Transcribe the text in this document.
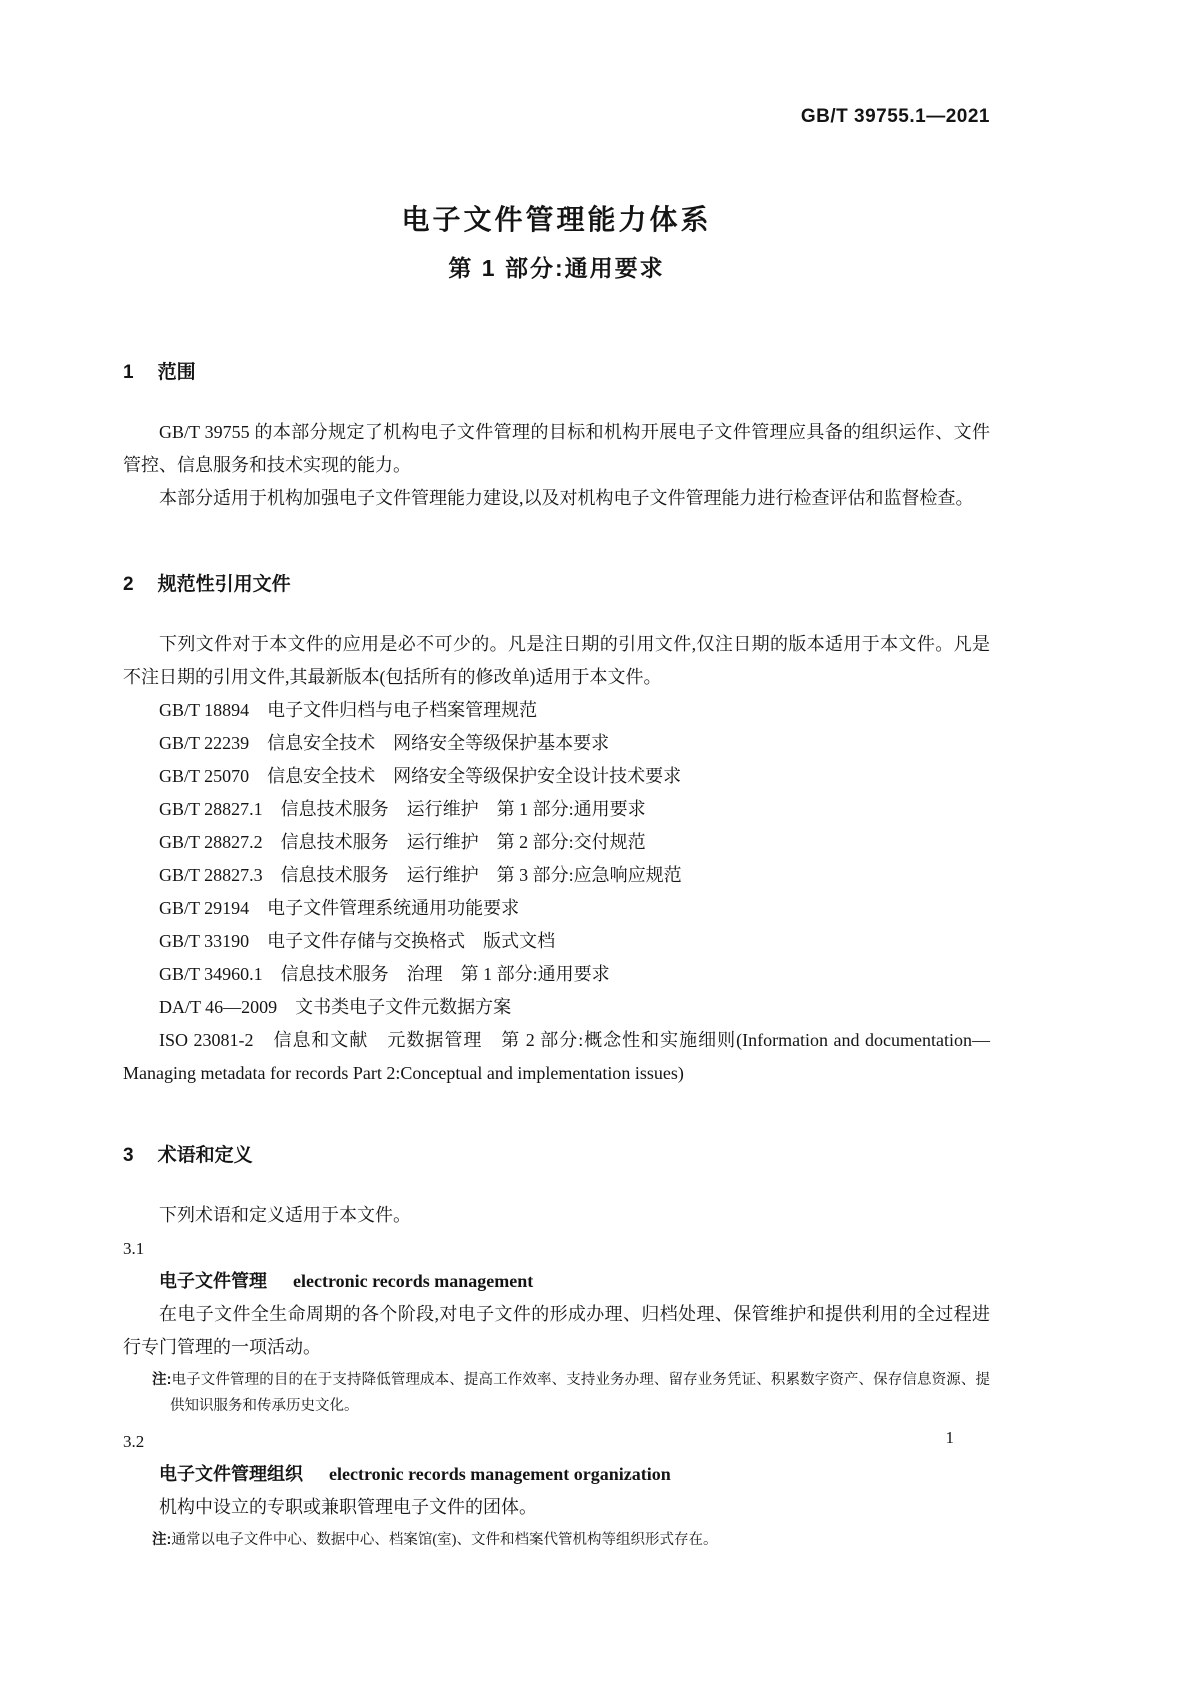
GB/T 39755.1—2021
电子文件管理能力体系
第 1 部分:通用要求
1 范围

GB/T 39755 的本部分规定了机构电子文件管理的目标和机构开展电子文件管理应具备的组织运作、文件管控、信息服务和技术实现的能力。

本部分适用于机构加强电子文件管理能力建设,以及对机构电子文件管理能力进行检查评估和监督检查。

2 规范性引用文件

下列文件对于本文件的应用是必不可少的。凡是注日期的引用文件,仅注日期的版本适用于本文件。凡是不注日期的引用文件,其最新版本(包括所有的修改单)适用于本文件。

GB/T 18894　电子文件归档与电子档案管理规范

GB/T 22239　信息安全技术　网络安全等级保护基本要求

GB/T 25070　信息安全技术　网络安全等级保护安全设计技术要求

GB/T 28827.1　信息技术服务　运行维护　第 1 部分:通用要求

GB/T 28827.2　信息技术服务　运行维护　第 2 部分:交付规范

GB/T 28827.3　信息技术服务　运行维护　第 3 部分:应急响应规范

GB/T 29194　电子文件管理系统通用功能要求

GB/T 33190　电子文件存储与交换格式　版式文档

GB/T 34960.1　信息技术服务　治理　第 1 部分:通用要求

DA/T 46—2009　文书类电子文件元数据方案

ISO 23081-2　信息和文献　元数据管理　第 2 部分:概念性和实施细则(Information and documentation—Managing metadata for records Part 2:Conceptual and implementation issues)

3 术语和定义

下列术语和定义适用于本文件。

3.1

电子文件管理 electronic records management

在电子文件全生命周期的各个阶段,对电子文件的形成办理、归档处理、保管维护和提供利用的全过程进行专门管理的一项活动。

注:电子文件管理的目的在于支持降低管理成本、提高工作效率、支持业务办理、留存业务凭证、积累数字资产、保存信息资源、提供知识服务和传承历史文化。

3.2

电子文件管理组织 electronic records management organization

机构中设立的专职或兼职管理电子文件的团体。

注:通常以电子文件中心、数据中心、档案馆(室)、文件和档案代管机构等组织形式存在。

1
